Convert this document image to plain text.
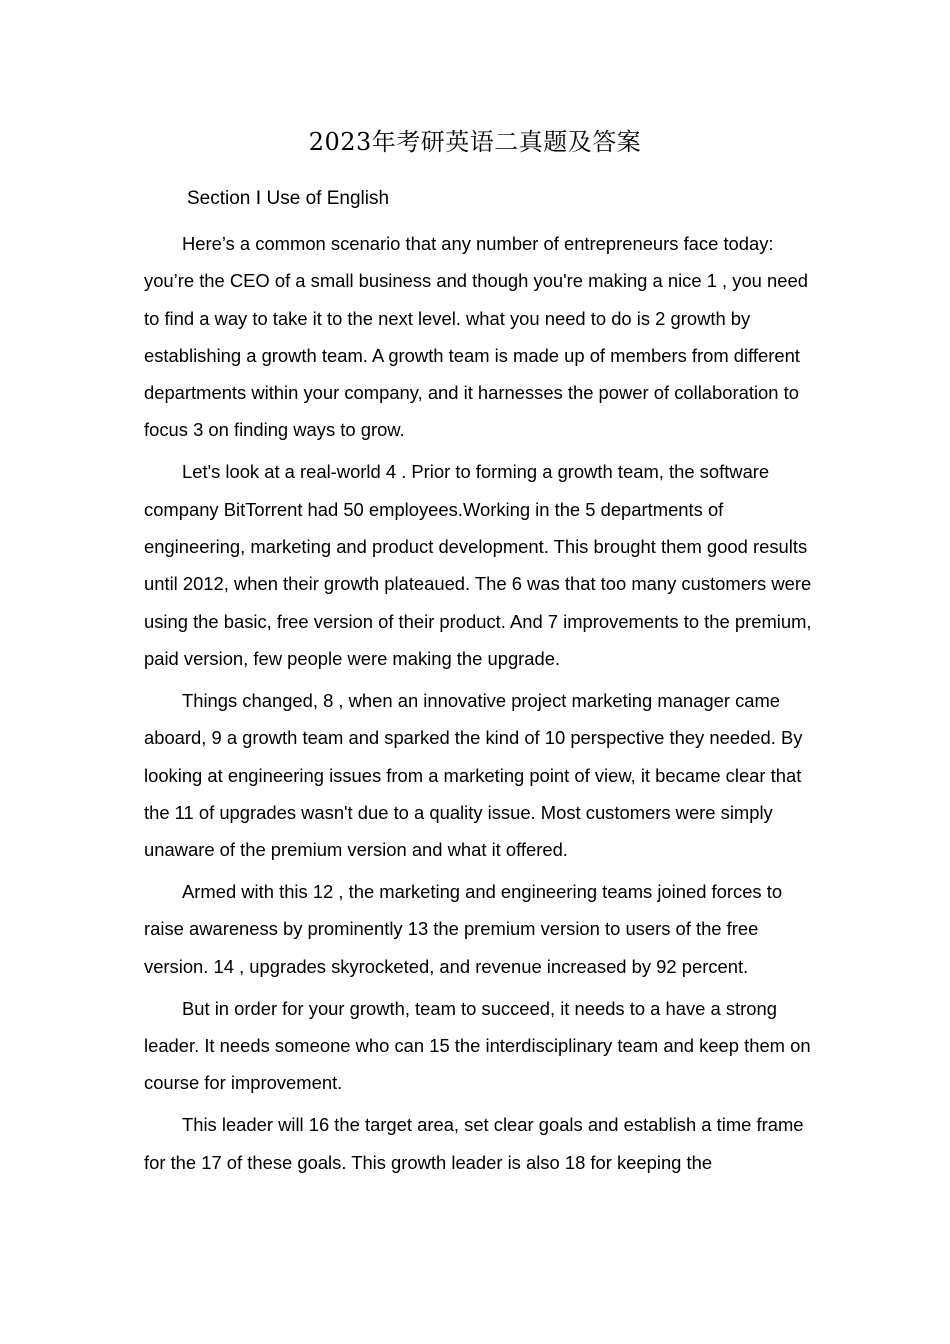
2023年考研英语二真题及答案
Section Ⅰ Use of English

Here’s a common scenario that any number of entrepreneurs face today: you’re the CEO of a small business and though you're making a nice 1 , you need to find a way to take it to the next level. what you need to do is 2 growth by establishing a growth team. A growth team is made up of members from different departments within your company, and it harnesses the power of collaboration to focus 3 on finding ways to grow.

Let's look at a real-world 4 . Prior to forming a growth team, the software company BitTorrent had 50 employees.Working in the 5 departments of engineering, marketing and product development. This brought them good results until 2012, when their growth plateaued. The 6 was that too many customers were using the basic, free version of their product. And 7 improvements to the premium, paid version, few people were making the upgrade.

Things changed, 8 , when an innovative project marketing manager came aboard, 9 a growth team and sparked the kind of 10 perspective they needed. By looking at engineering issues from a marketing point of view, it became clear that the 11 of upgrades wasn't due to a quality issue. Most customers were simply unaware of the premium version and what it offered.

Armed with this 12 , the marketing and engineering teams joined forces to raise awareness by prominently 13 the premium version to users of the free version. 14 , upgrades skyrocketed, and revenue increased by 92 percent.

But in order for your growth, team to succeed, it needs to a have a strong leader. It needs someone who can 15 the interdisciplinary team and keep them on course for improvement.

This leader will 16 the target area, set clear goals and establish a time frame for the 17 of these goals. This growth leader is also 18 for keeping the
